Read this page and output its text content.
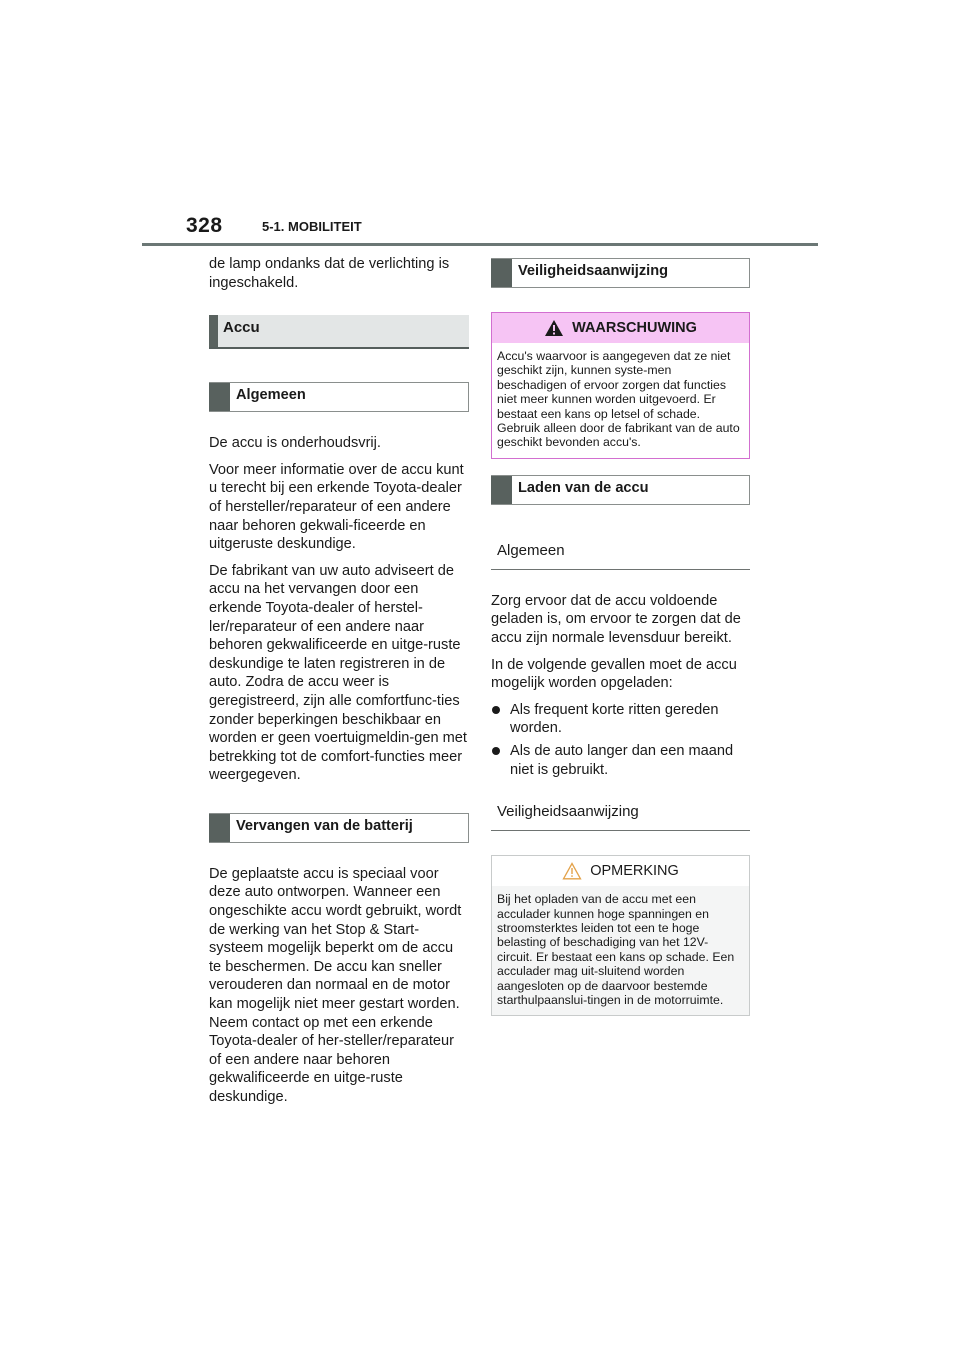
328	5-1. MOBILITEIT

de lamp ondanks dat de verlichting is ingeschakeld.

Accu
Algemeen

De accu is onderhoudsvrij.

Voor meer informatie over de accu kunt u terecht bij een erkende Toyota-dealer of hersteller/reparateur of een andere naar behoren gekwali-ficeerde en uitgeruste deskundige.

De fabrikant van uw auto adviseert de accu na het vervangen door een erkende Toyota-dealer of herstel-ler/reparateur of een andere naar behoren gekwalificeerde en uitge-ruste deskundige te laten registreren in de auto. Zodra de accu weer is geregistreerd, zijn alle comfortfunc-ties zonder beperkingen beschikbaar en worden er geen voertuigmeldin-gen met betrekking tot de comfort-functies meer weergegeven.

Vervangen van de batterij

De geplaatste accu is speciaal voor deze auto ontworpen. Wanneer een ongeschikte accu wordt gebruikt, wordt de werking van het Stop & Start-systeem mogelijk beperkt om de accu te beschermen. De accu kan sneller verouderen dan normaal en de motor kan mogelijk niet meer gestart worden. Neem contact op met een erkende Toyota-dealer of her-steller/reparateur of een andere naar behoren gekwalificeerde en uitge-ruste deskundige.

Veiligheidsaanwijzing
WAARSCHUWING
Accu's waarvoor is aangegeven dat ze niet geschikt zijn, kunnen syste-men beschadigen of ervoor zorgen dat functies niet meer kunnen worden uitgevoerd. Er bestaat een kans op letsel of schade. Gebruik alleen door de fabrikant van de auto geschikt bevonden accu's.
Laden van de accu
Algemeen

Zorg ervoor dat de accu voldoende geladen is, om ervoor te zorgen dat de accu zijn normale levensduur bereikt.

In de volgende gevallen moet de accu mogelijk worden opgeladen:

Als frequent korte ritten gereden worden.
Als de auto langer dan een maand niet is gebruikt.
Veiligheidsaanwijzing
OPMERKING
Bij het opladen van de accu met een acculader kunnen hoge spanningen en stroomsterktes leiden tot een te hoge belasting of beschadiging van het 12V-circuit. Er bestaat een kans op schade. Een acculader mag uit-sluitend worden aangesloten op de daarvoor bestemde starthulpaanslui-tingen in de motorruimte.
